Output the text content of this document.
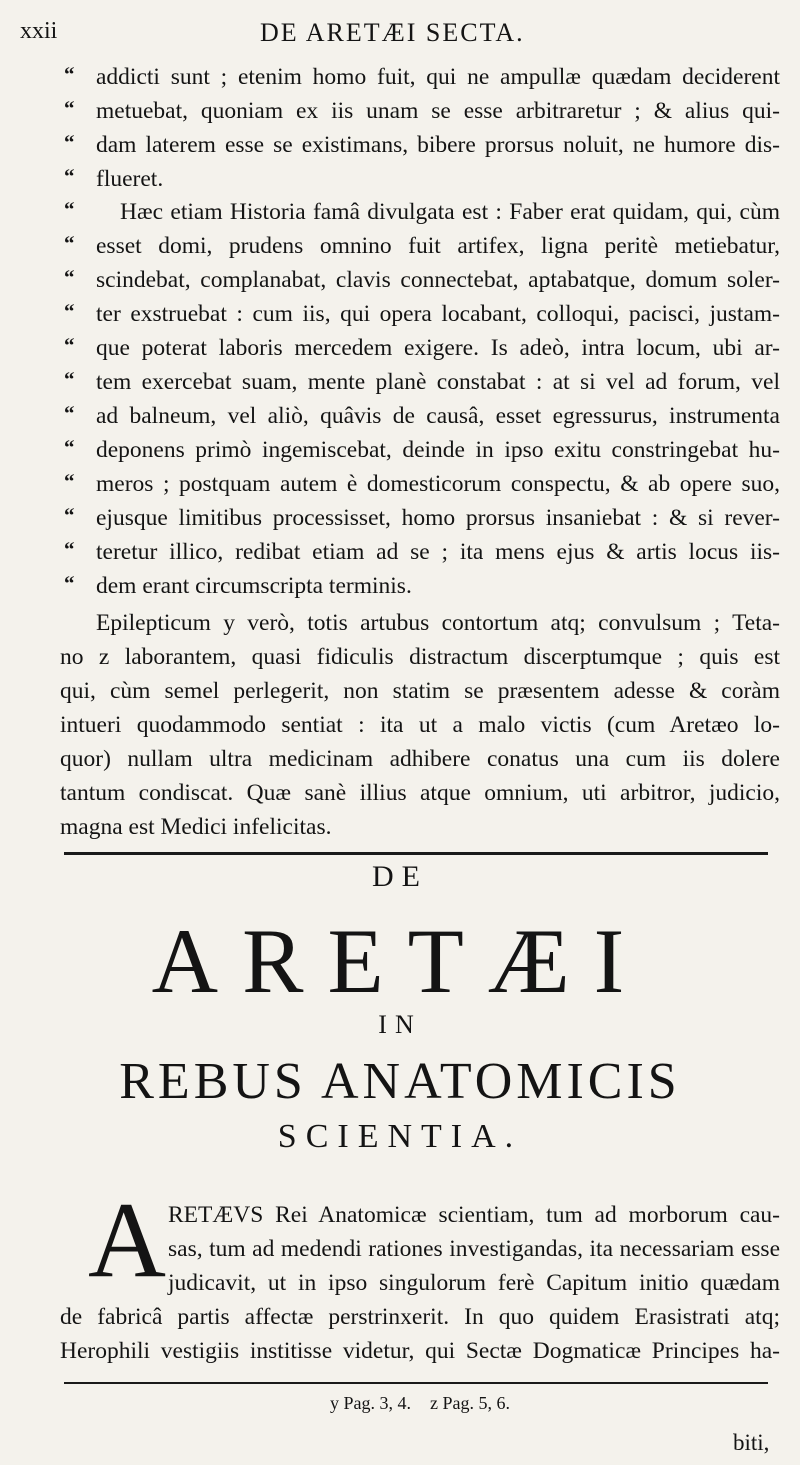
xxii	DE ARETÆI SECTA.
“ addicti sunt ; etenim homo fuit, qui ne ampullæ quædam deciderent
“ metuebat, quoniam ex iis unam se esse arbitraretur ; & alius qui-
“ dam laterem esse se existimans, bibere prorsus noluit, ne humore dis-
“ flueret.
“ Hæc etiam Historia famâ divulgata est : Faber erat quidam, qui, cùm
“ esset domi, prudens omnino fuit artifex, ligna peritè metiebatur,
“ scindebat, complanabat, clavis connectebat, aptabatque, domum soler-
“ ter exstruebat : cum iis, qui opera locabant, colloqui, pacisci, justam-
“ que poterat laboris mercedem exigere. Is adeò, intra locum, ubi ar-
“ tem exercebat suam, mente planè constabat : at si vel ad forum, vel
“ ad balneum, vel aliò, quâvis de causâ, esset egressurus, instrumenta
“ deponens primò ingemiscebat, deinde in ipso exitu constringebat hu-
“ meros ; postquam autem è domesticorum conspectu, & ab opere suo,
“ ejusque limitibus processisset, homo prorsus insaniebat : & si rever-
“ teretur illico, redibat etiam ad se ; ita mens ejus & artis locus iis-
“ dem erant circumscripta terminis.
Epilepticum y verò, totis artubus contortum atq; convulsum ; Teta-
no z laborantem, quasi fidiculis distractum discerptumque ; quis est
qui, cùm semel perlegerit, non statim se præsentem adesse & coràm
intueri quodammodo sentiat : ita ut a malo victis (cum Aretæo lo-
quor) nullam ultra medicinam adhibere conatus una cum iis dolere
tantum condiscat. Quæ sanè illius atque omnium, uti arbitror, judicio,
magna est Medici infelicitas.
DE
ARETÆI
IN
REBUS ANATOMICIS
SCIENTIA.
A RETÆVS Rei Anatomicæ scientiam, tum ad morborum cau-
sas, tum ad medendi rationes investigandas, ita necessariam esse
judicavit, ut in ipso singulorum ferè Capitum initio quædam
de fabricâ partis affectæ perstrinxerit. In quo quidem Erasistrati atq;
Herophili vestigiis institisse videtur, qui Sectæ Dogmaticæ Principes ha-
y Pag. 3, 4. z Pag. 5, 6.
biti,
